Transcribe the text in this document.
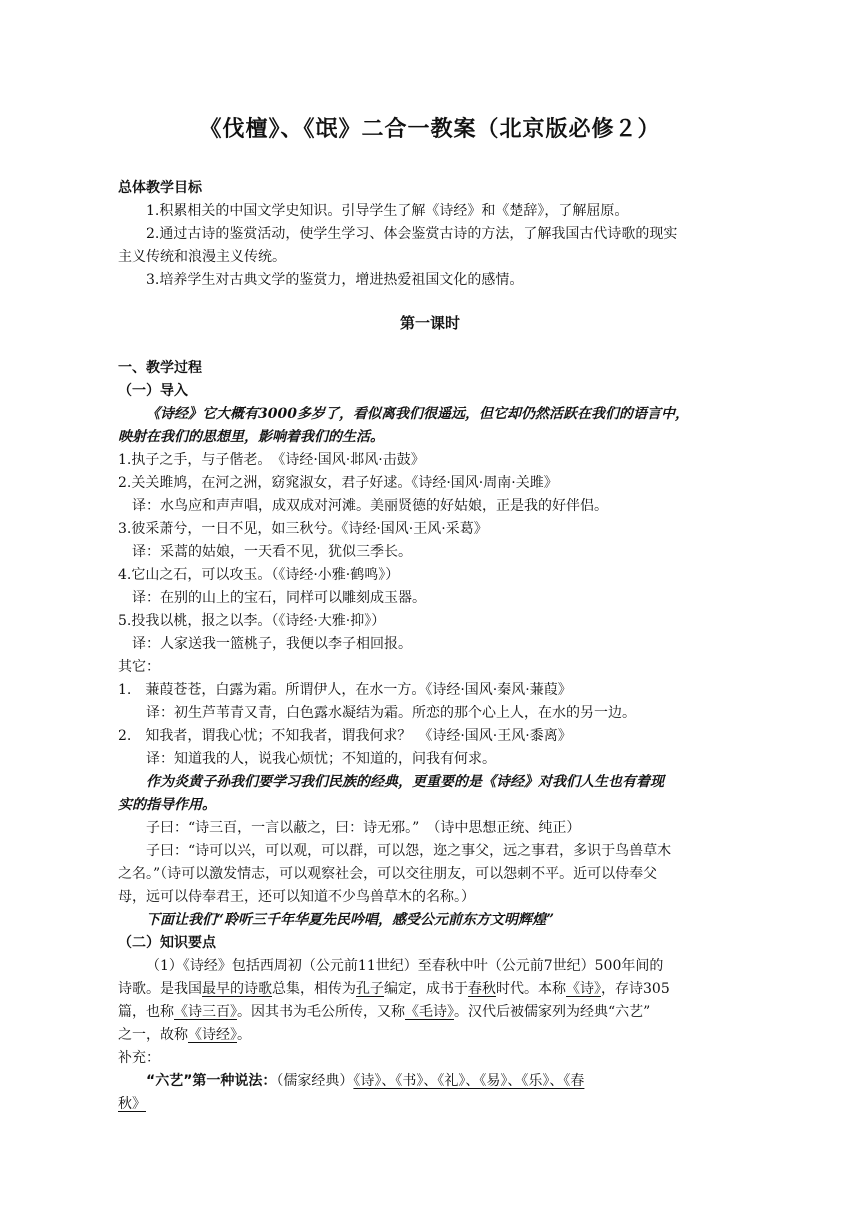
《伐檀》、《氓》二合一教案（北京版必修２）
总体教学目标
1.积累相关的中国文学史知识。引导学生了解《诗经》和《楚辞》，了解屈原。
2.通过古诗的鉴赏活动，使学生学习、体会鉴赏古诗的方法，了解我国古代诗歌的现实
主义传统和浪漫主义传统。
3.培养学生对古典文学的鉴赏力，增进热爱祖国文化的感情。
第一课时
一、教学过程
（一）导入
《诗经》它大概有3000多岁了，看似离我们很遥远，但它却仍然活跃在我们的语言中，
映射在我们的思想里，影响着我们的生活。
1.执子之手，与子偕老。　《诗经·国风·邶风·击鼓》
2.关关雎鸠，在河之洲，窈窕淑女，君子好逑。《诗经·国风·周南·关雎》
译：水鸟应和声声唱，成双成对河滩。美丽贤德的好姑娘，正是我的好伴侣。
3.彼采萧兮，一日不见，如三秋兮。《诗经·国风·王风·采葛》
译：采蒿的姑娘，一天看不见，犹似三季长。
4.它山之石，可以攻玉。（《诗经·小雅·鹤鸣》）
译：在别的山上的宝石，同样可以雕刻成玉器。
5.投我以桃，报之以李。（《诗经·大雅·抑》）
译：人家送我一篮桃子，我便以李子相回报。
其它：
1.　蒹葭苍苍，白露为霜。所谓伊人，在水一方。《诗经·国风·秦风·蒹葭》
译：初生芦苇青又青，白色露水凝结为霜。所恋的那个心上人，在水的另一边。
2.　知我者，谓我心忧；不知我者，谓我何求？　《诗经·国风·王风·黍离》
译：知道我的人，说我心烦忧；不知道的，问我有何求。
作为炎黄子孙我们要学习我们民族的经典，更重要的是《诗经》对我们人生也有着现
实的指导作用。
子曰：“诗三百，一言以蔽之，曰：诗无邪。”　（诗中思想正统、纯正）
子曰：“诗可以兴，可以观，可以群，可以怨，迩之事父，远之事君，多识于鸟兽草木
之名。”（诗可以激发情志，可以观察社会，可以交往朋友，可以怨刺不平。近可以侍奉父
母，远可以侍奉君王，还可以知道不少鸟兽草木的名称。）
下面让我们“聆听三千年华夏先民吟唱，感受公元前东方文明辉煌”
（二）知识要点
（1）《诗经》包括西周初（公元前11世纪）至春秋中叶（公元前7世纪）500年间的
诗歌。是我国最早的诗歌总集，相传为孔子编定，成书于春秋时代。本称《诗》，存诗305
篇，也称《诗三百》。因其书为毛公所传，又称《毛诗》。汉代后被儒家列为经典“六艺”
之一，故称《诗经》。
补充：
“六艺”第一种说法：（儒家经典）《诗》、《书》、《礼》、《易》、《乐》、《春
秋》
